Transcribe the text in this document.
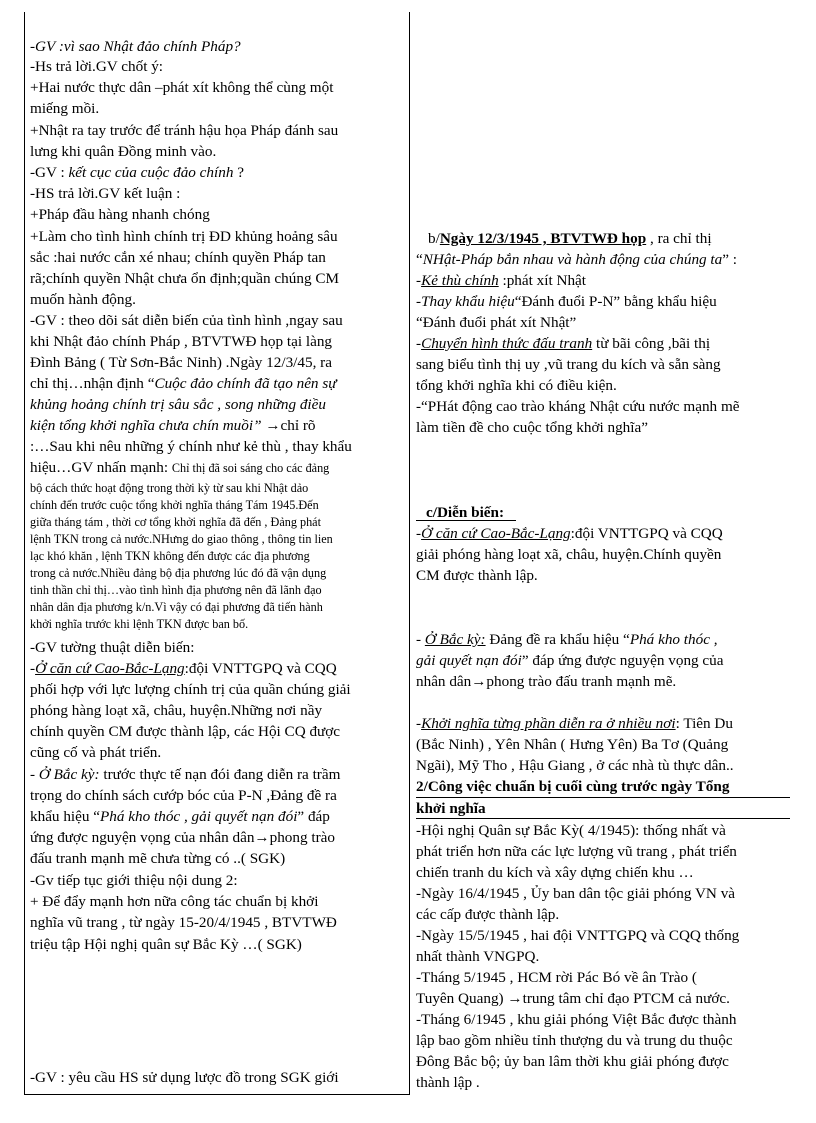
-GV :vì sao Nhật đảo chính Pháp?
-Hs trả lời.GV chốt ý:
+Hai nước thực dân –phát xít không thể cùng một
miếng mồi.
+Nhật ra tay trước để tránh hậu họa Pháp đánh sau
lưng khi quân Đồng minh vào.
-GV : kết cục của cuộc đảo chính ?
-HS trả lời.GV kết luận :
+Pháp đầu hàng nhanh chóng
+Làm cho tình hình chính trị ĐD khủng hoảng sâu
sắc :hai nước cắn xé nhau; chính quyền Pháp tan
rã;chính quyền Nhật chưa ổn định;quần chúng CM
muốn hành động.
-GV : theo dõi sát diễn biến của tình hình ,ngay sau
khi Nhật đảo chính Pháp , BTVTWĐ họp tại làng
Đình Bảng ( Từ Sơn-Bắc Ninh) .Ngày 12/3/45, ra
chỉ thị…nhận định “Cuộc đảo chính đã tạo nên sự
khủng hoảng chính trị sâu sắc , song những điều
kiện tổng khởi nghĩa chưa chín muồi” →chỉ rõ
:…Sau khi nêu những ý chính như kẻ thù , thay khẩu
hiệu…GV nhấn mạnh: Chỉ thị đã soi sáng cho các đảng
bộ cách thức hoạt động trong thời kỳ từ sau khi Nhật dảo
chính đến trước cuộc tổng khởi nghĩa tháng Tám 1945.Đến
giữa tháng tám , thời cơ tổng khởi nghĩa đã đến , Đảng phát
lệnh TKN trong cả nước.NHưng do giao thông , thông tin lien
lạc khó khăn , lệnh TKN không đến được các địa phương
trong cả nước.Nhiều đảng bộ địa phương lúc đó đã vận dụng
tinh thần chỉ thị…vào tình hình địa phương nên đã lãnh đạo
nhân dân địa phương k/n.Vì vậy có đại phương đã tiến hành
khởi nghĩa trước khi lệnh TKN được ban bố.
-GV tường thuật diễn biến:
-Ở căn cứ Cao-Bắc-Lạng:đội VNTTGPQ và CQQ
phối hợp với lực lượng chính trị của quần chúng giải
phóng hàng loạt xã, châu, huyện.Những nơi nầy
chính quyền CM được thành lập, các Hội CQ được
cũng cố và phát triển.
- Ở Bắc kỳ: trước thực tế nạn đói đang diễn ra trầm
trọng do chính sách cướp bóc của P-N ,Đảng đề ra
khẩu hiệu “Phá kho thóc , gải quyết nạn đói” đáp
ứng được nguyện vọng của nhân dân→phong trào
đấu tranh mạnh mẽ chưa từng có ..( SGK)
-Gv tiếp tục giới thiệu nội dung 2:
+ Để đẩy mạnh hơn nữa công tác chuẩn bị khởi
nghĩa vũ trang , từ ngày 15-20/4/1945 , BTVTWĐ
triệu tập Hội nghị quân sự Bắc Kỳ …( SGK)
-GV : yêu cầu HS sử dụng lược đồ trong SGK giới
b/Ngày 12/3/1945 , BTVTWĐ họp , ra chỉ thị
“NHật-Pháp bắn nhau và hành động của chúng ta” :
-Kẻ thù chính :phát xít Nhật
-Thay khẩu hiệu“Đánh đuổi P-N” bằng khẩu hiệu
“Đánh đuổi phát xít Nhật”
-Chuyển hình thức đấu tranh từ bãi công ,bãi thị
sang biểu tình thị uy ,vũ trang du kích và sẵn sàng
tổng khởi nghĩa khi có điều kiện.
-“PHát động cao trào kháng Nhật cứu nước mạnh mẽ
làm tiền đề cho cuộc tổng khởi nghĩa”
c/Diễn biến:
-Ở căn cứ Cao-Bắc-Lạng:đội VNTTGPQ và CQQ
giải phóng hàng loạt xã, châu, huyện.Chính quyền
CM được thành lập.
- Ở Bắc kỳ: Đảng đề ra khẩu hiệu “Phá kho thóc ,
gải quyết nạn đói” đáp ứng được nguyện vọng của
nhân dân→phong trào đấu tranh mạnh mẽ.
-Khởi nghĩa từng phần diễn ra ở nhiều nơi: Tiên Du
(Bắc Ninh) , Yên Nhân ( Hưng Yên) Ba Tơ (Quảng
Ngãi), Mỹ Tho , Hậu Giang , ở các nhà tù thực dân..
2/Công việc chuẩn bị cuối cùng trước ngày Tổng
khởi nghĩa
-Hội nghị Quân sự Bắc Kỳ( 4/1945): thống nhất và
phát triển hơn nữa các lực lượng vũ trang , phát triển
chiến tranh du kích và xây dựng chiến khu …
-Ngày 16/4/1945 , Ủy ban dân tộc giải phóng VN và
các cấp được thành lập.
-Ngày 15/5/1945 , hai đội VNTTGPQ và CQQ thống
nhất thành VNGPQ.
-Tháng 5/1945 , HCM rời Pác Bó về ân Trào (
Tuyên Quang) →trung tâm chỉ đạo PTCM cả nước.
-Tháng 6/1945 , khu giải phóng Việt Bắc được thành
lập bao gồm nhiều tỉnh thượng du và trung du thuộc
Đông Bắc bộ; ủy ban lâm thời khu giải phóng được
thành lập .
